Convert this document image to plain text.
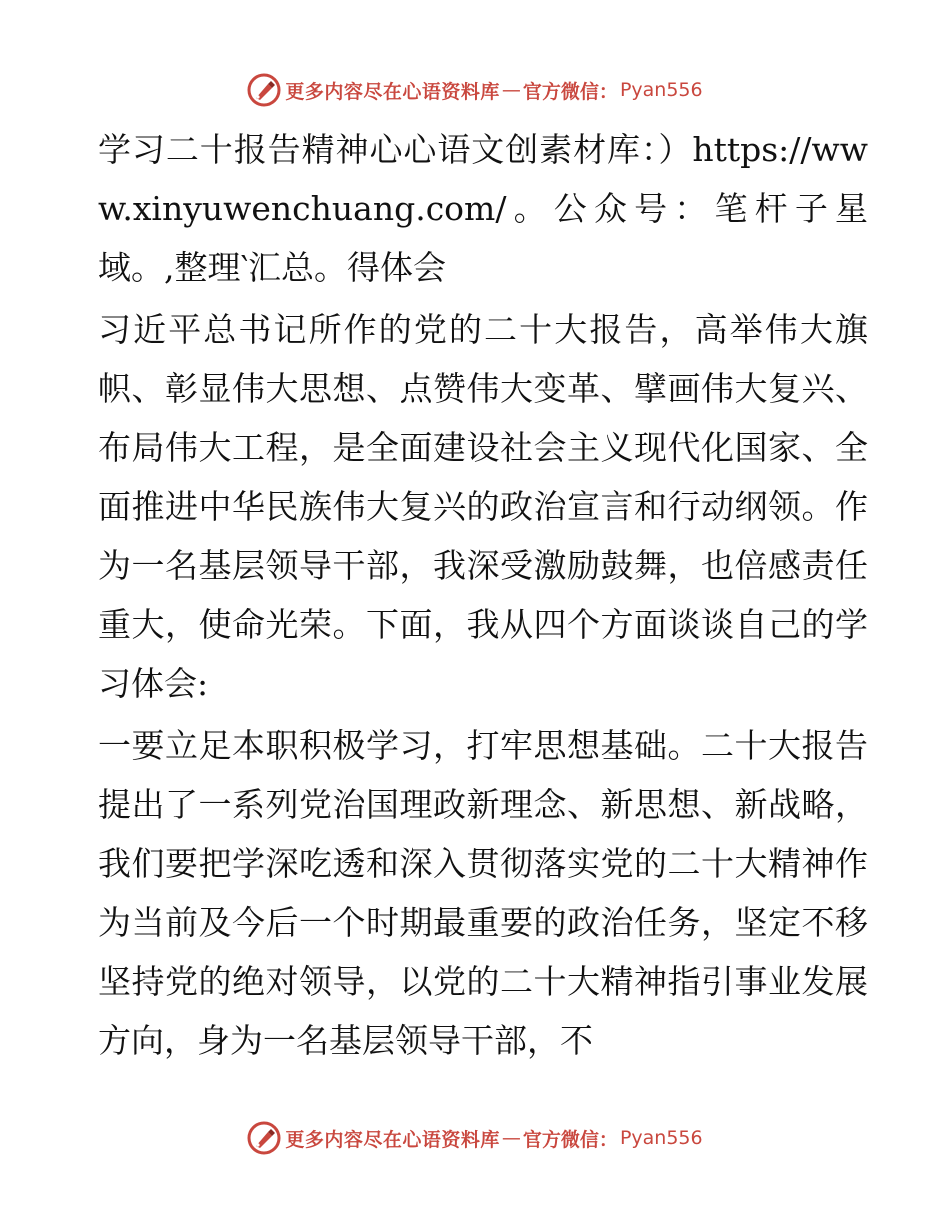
更多内容尽在心语资料库 — 官方微信： Pyan556

学习二十报告精神心心语文创素材库：）https://www.xinyuwenchuang.com/。公众号：笔杆子星域。,整理‵汇总。得体会

习近平总书记所作的党的二十大报告，高举伟大旗帜、彰显伟大思想、点赞伟大变革、擘画伟大复兴、布局伟大工程，是全面建设社会主义现代化国家、全面推进中华民族伟大复兴的政治宣言和行动纲领。作为一名基层领导干部，我深受激励鼓舞，也倍感责任重大，使命光荣。下面，我从四个方面谈谈自己的学习体会:

一要立足本职积极学习，打牢思想基础。二十大报告提出了一系列党治国理政新理念、新思想、新战略，我们要把学深吃透和深入贯彻落实党的二十大精神作为当前及今后一个时期最重要的政治任务，坚定不移坚持党的绝对领导，以党的二十大精神指引事业发展方向，身为一名基层领导干部，不

更多内容尽在心语资料库 — 官方微信： Pyan556
